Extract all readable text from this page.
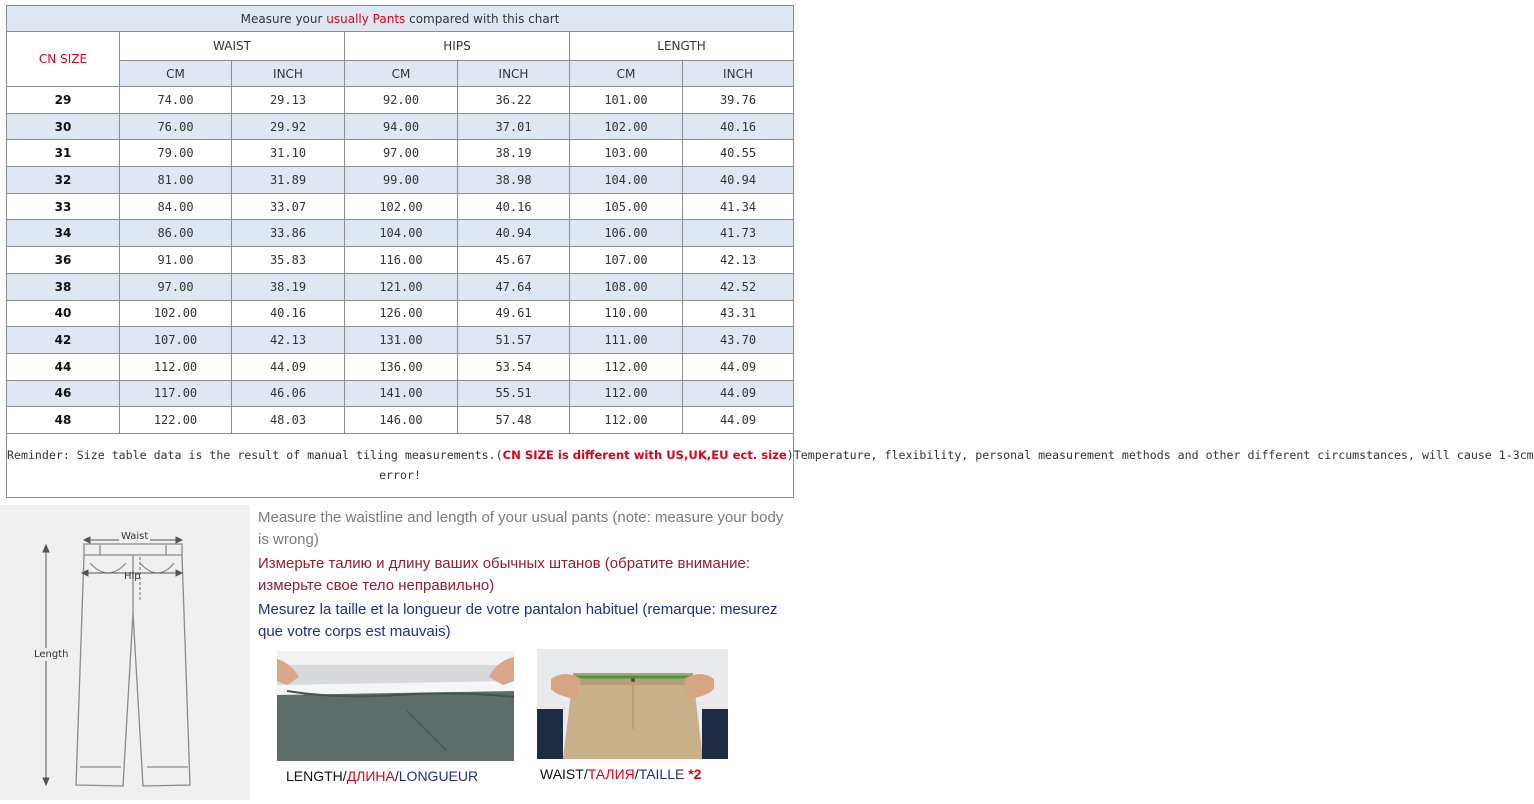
Measure your usually Pants compared with this chart						
CN SIZE	WAIST		HIPS		LENGTH	
	CM	INCH	CM	INCH	CM	INCH
29	74.00	29.13	92.00	36.22	101.00	39.76
30	76.00	29.92	94.00	37.01	102.00	40.16
31	79.00	31.10	97.00	38.19	103.00	40.55
32	81.00	31.89	99.00	38.98	104.00	40.94
33	84.00	33.07	102.00	40.16	105.00	41.34
34	86.00	33.86	104.00	40.94	106.00	41.73
36	91.00	35.83	116.00	45.67	107.00	42.13
38	97.00	38.19	121.00	47.64	108.00	42.52
40	102.00	40.16	126.00	49.61	110.00	43.31
42	107.00	42.13	131.00	51.57	111.00	43.70
44	112.00	44.09	136.00	53.54	112.00	44.09
46	117.00	46.06	141.00	55.51	112.00	44.09
48	122.00	48.03	146.00	57.48	112.00	44.09
Reminder: Size table data is the result of manual tiling measurements.(CN SIZE is different with US,UK,EU ect. size)Temperature, flexibility, personal measurement methods and other different circumstances, will cause 1-3cm
error!						
Waist
Hip
Length
Measure the waistline and length of your usual pants (note: measure your body is wrong)
Измерьте талию и длину ваших обычных штанов (обратите внимание: измерьте свое тело неправильно)
Mesurez la taille et la longueur de votre pantalon habituel (remarque: mesurez que votre corps est mauvais)
LENGTH/ДЛИНА/LONGUEUR	WAIST/ТАЛИЯ/TAILLE *2
